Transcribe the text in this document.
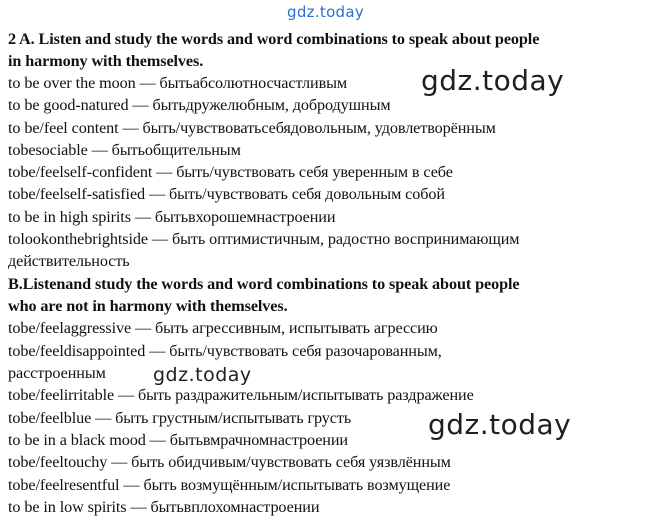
gdz.today
2 A. Listen and study the words and word combinations to speak about people
in harmony with themselves.
to be over the moon — бытьабсолютносчастливым
to be good-natured — бытьдружелюбным, добродушным
to be/feel content — быть/чувствоватьсебядовольным, удовлетворённым
tobesociable — бытьобщительным
tobe/feelself-confident — быть/чувствовать себя уверенным в себе
tobe/feelself-satisfied — быть/чувствовать себя довольным собой
to be in high spirits — бытьвхорошемнастроении
tolookonthebrightside — быть оптимистичным, радостно воспринимающим
действительность
B.Listenand study the words and word combinations to speak about people
who are not in harmony with themselves.
tobe/feelaggressive — быть агрессивным, испытывать агрессию
tobe/feeldisappointed — быть/чувствовать себя разочарованным,
расстроенным
tobe/feelirritable — быть раздражительным/испытывать раздражение
tobe/feelblue — быть грустным/испытывать грусть
to be in a black mood — бытьвмрачномнастроении
tobe/feeltouchy — быть обидчивым/чувствовать себя уязвлённым
tobe/feelresentful — быть возмущённым/испытывать возмущение
to be in low spirits — бытьвплохомнастроении
gdz.today
gdz.today
gdz.today
